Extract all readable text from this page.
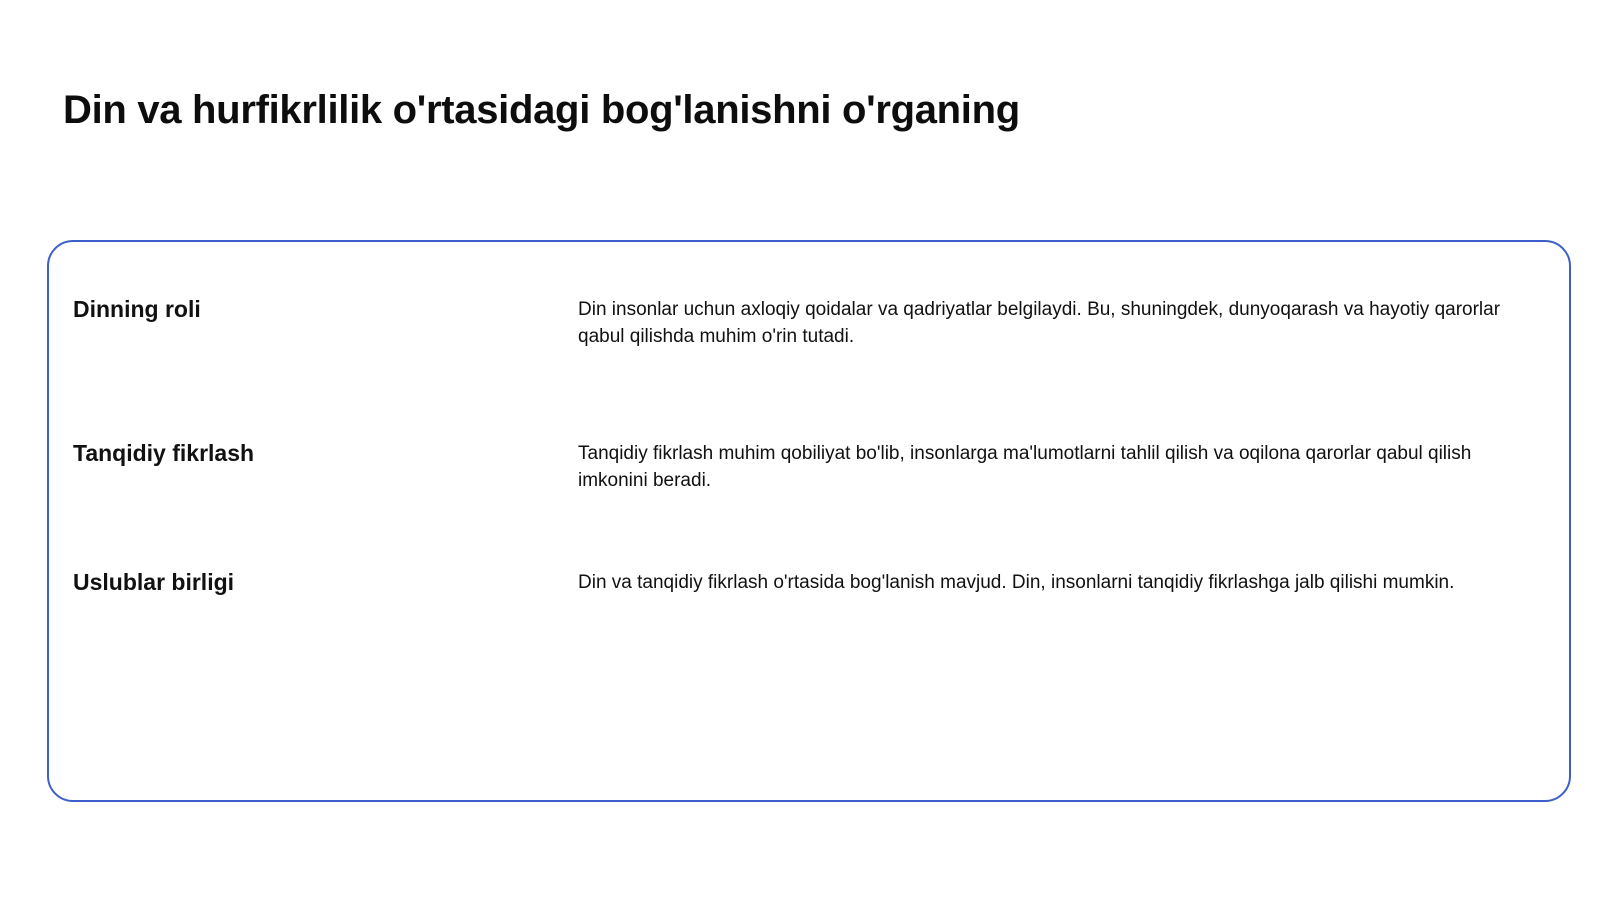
Din va hurfikrlilik o'rtasidagi bog'lanishni o'rganing
Dinning roli	Din insonlar uchun axloqiy qoidalar va qadriyatlar belgilaydi. Bu, shuningdek, dunyoqarash va hayotiy qarorlar qabul qilishda muhim o'rin tutadi.

Tanqidiy fikrlash	Tanqidiy fikrlash muhim qobiliyat bo'lib, insonlarga ma'lumotlarni tahlil qilish va oqilona qarorlar qabul qilish imkonini beradi.

Uslublar birligi	Din va tanqidiy fikrlash o'rtasida bog'lanish mavjud. Din, insonlarni tanqidiy fikrlashga jalb qilishi mumkin.
